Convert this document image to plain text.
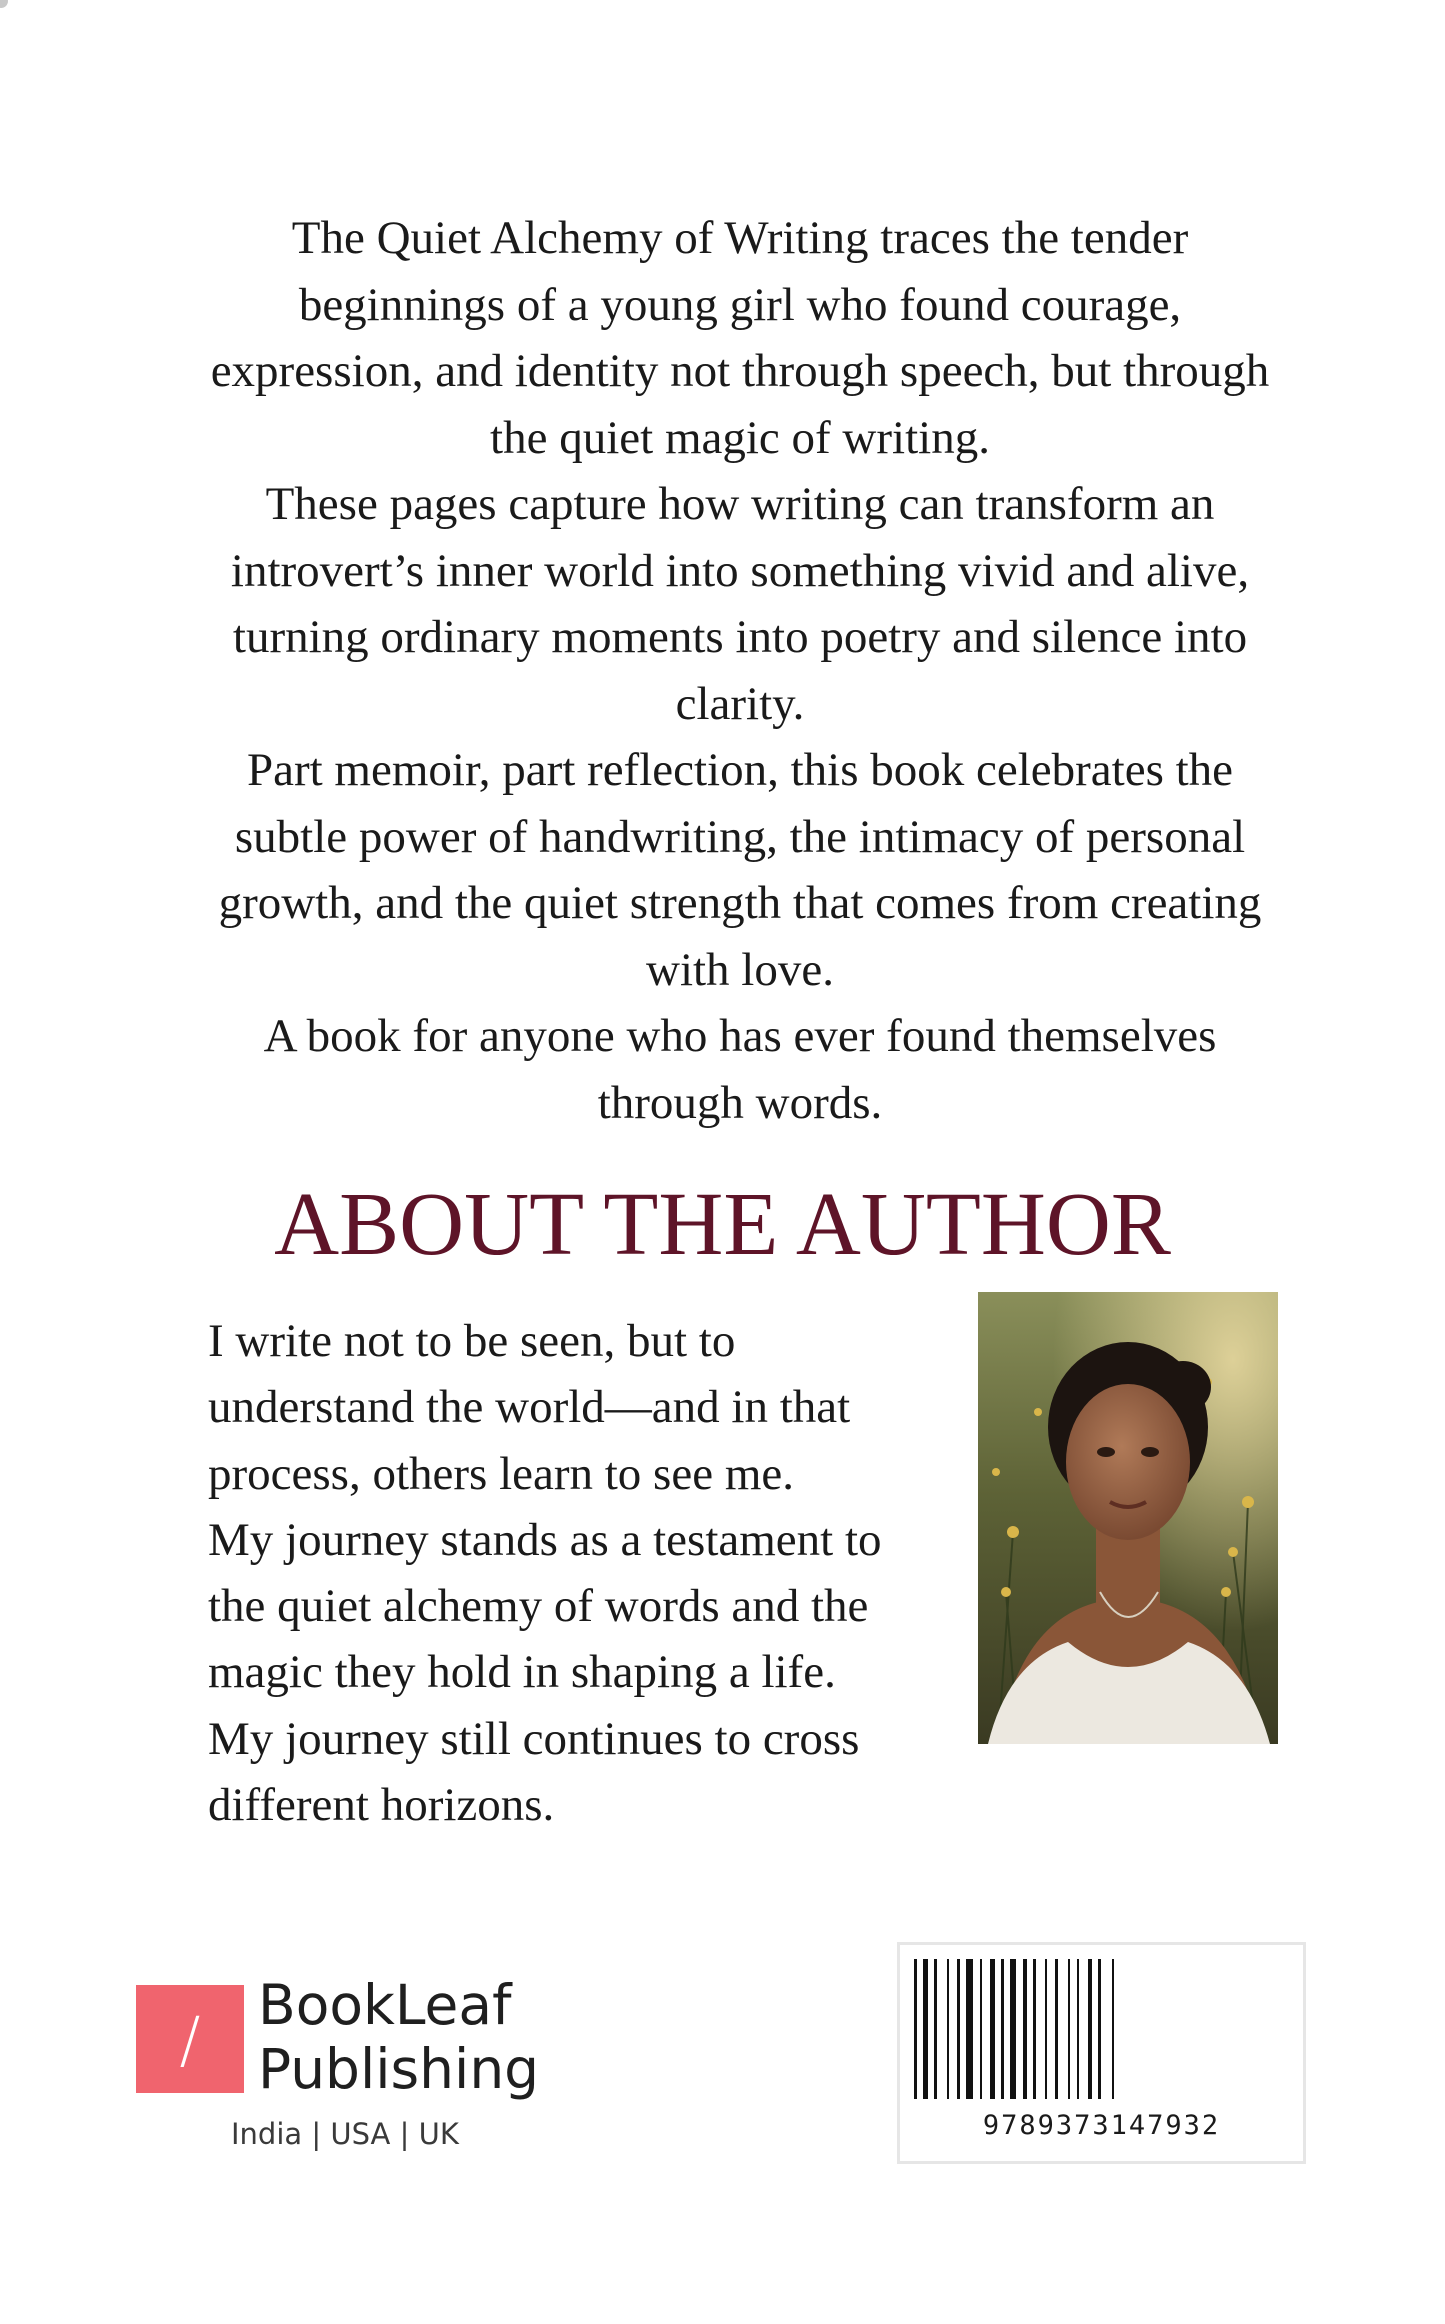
The Quiet Alchemy of Writing traces the tender
beginnings of a young girl who found courage,
expression, and identity not through speech, but through
the quiet magic of writing.

These pages capture how writing can transform an
introvert’s inner world into something vivid and alive,
turning ordinary moments into poetry and silence into
clarity.

Part memoir, part reflection, this book celebrates the
subtle power of handwriting, the intimacy of personal
growth, and the quiet strength that comes from creating
with love.

A book for anyone who has ever found themselves
through words.

ABOUT THE AUTHOR
I write not to be seen, but to
understand the world—and in that
process, others learn to see me.
My journey stands as a testament to
the quiet alchemy of words and the
magic they hold in shaping a life.
My journey still continues to cross
different horizons.
/	BookLeaf
Publishing
India | USA | UK	9789373147932
